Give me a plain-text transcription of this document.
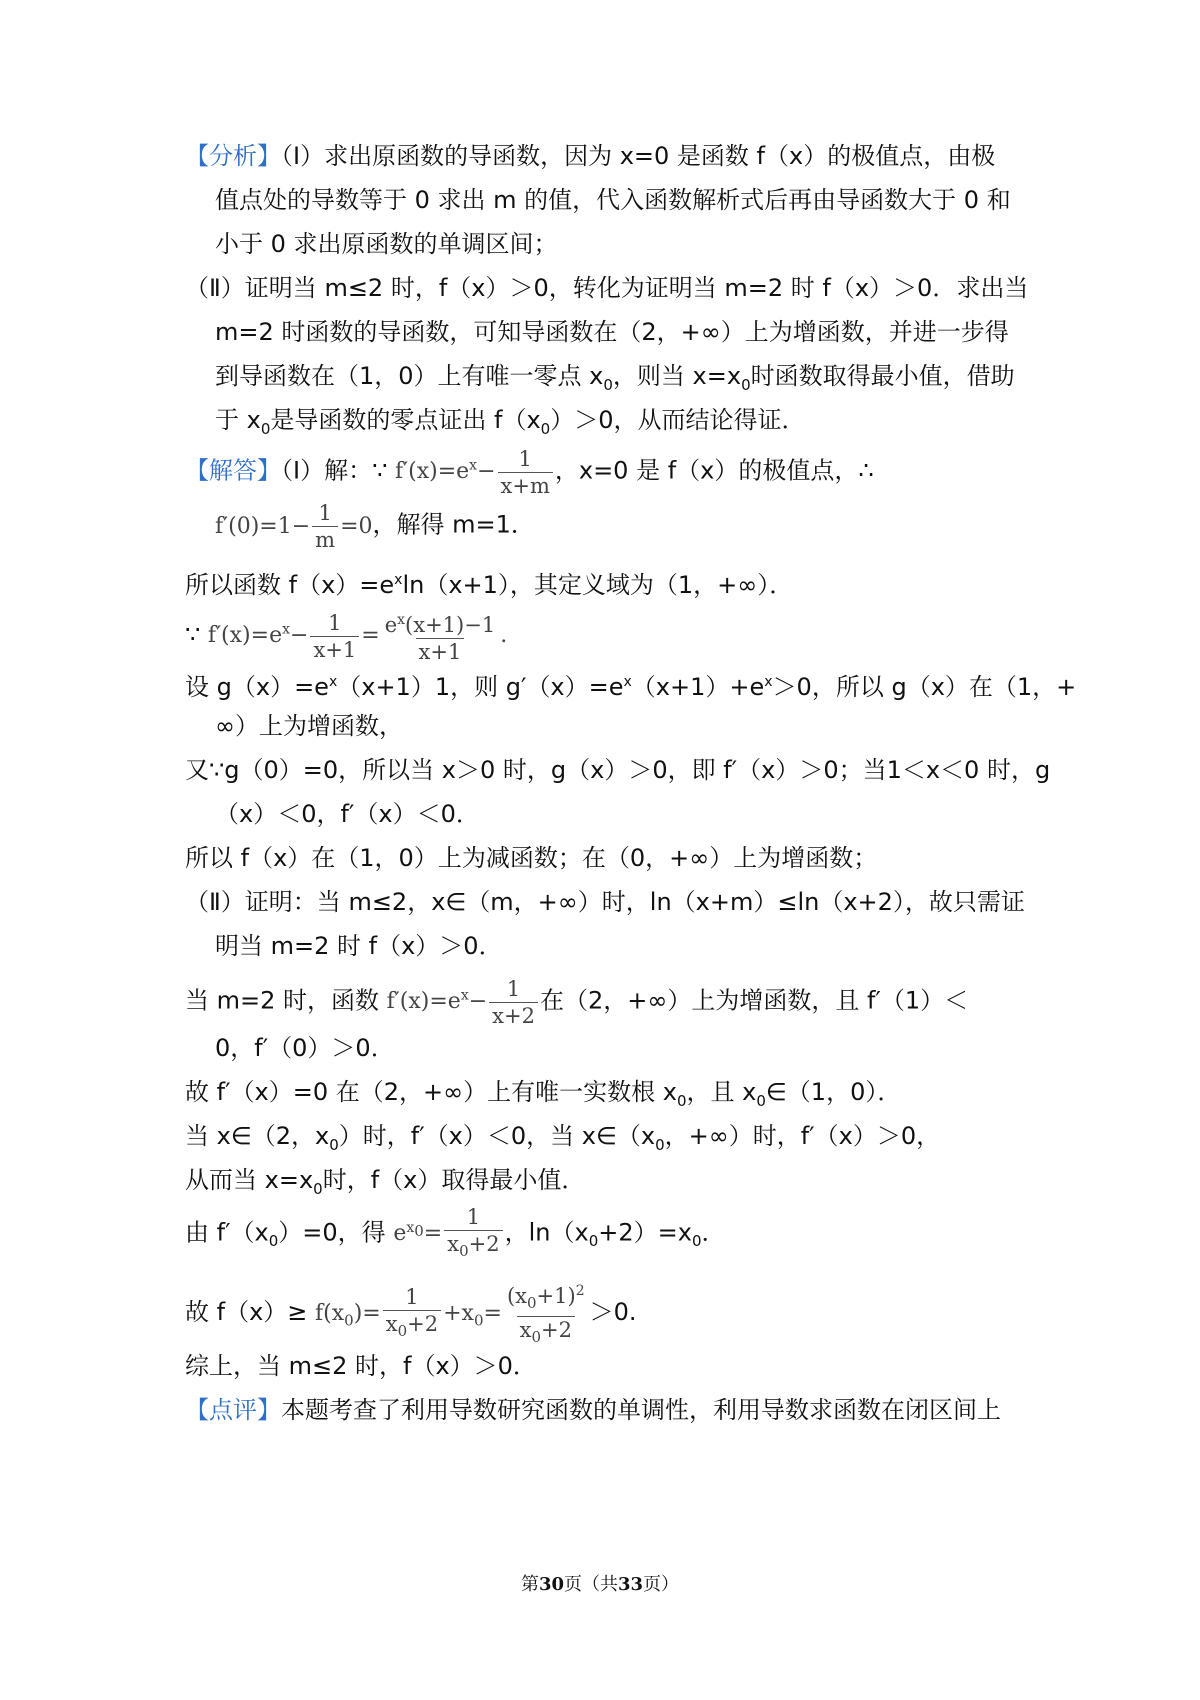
【分析】（Ⅰ）求出原函数的导函数，因为 x=0 是函数 f（x）的极值点，由极
值点处的导数等于 0 求出 m 的值，代入函数解析式后再由导函数大于 0 和
小于 0 求出原函数的单调区间；
（Ⅱ）证明当 m≤2 时，f（x）＞0，转化为证明当 m=2 时 f（x）＞0．求出当
m=2 时函数的导函数，可知导函数在（﻿2，+∞）上为增函数，并进一步得
到导函数在（﻿1，0）上有唯一零点 $x_0$，则当 $x=x_0$时函数取得最小值，借助
于 $x_0$是导函数的零点证出 $f(x_0)>0$，从而结论得证．
【解答】（Ⅰ）解：∵ $f'(x)=e^x- \frac{1}{x+m}$ ，x=0 是 f（x）的极值点，∴
$f'(0)=1- \frac{1}{m} =0$，解得 m=1．
所以函数 $f(x)=e^x﻿\ln(x+1)$，其定义域为（﻿1，+∞）．
∵ $f'(x)=e^x- \frac{1}{x+1} = \frac{e^x(x+1)-1}{x+1}$ .
设 $g(x)=e^x(x+1)﻿1$，则 $g'(x)=e^x(x+1)+e^x>0$，所以 g（x）在（﻿1，+
∞）上为增函数，
又∵g（0）=0，所以当 x＞0 时，g（x）＞0，即 f′（x）＞0；当﻿1＜x＜0 时，g
（x）＜0，f′（x）＜0．
所以 f（x）在（﻿1，0）上为减函数；在（0，+∞）上为增函数；
（Ⅱ）证明：当 m≤2，x∈（﻿m，+∞）时，ln（x+m）≤ln（x+2），故只需证
明当 m=2 时 f（x）＞0．
当 m=2 时，函数 $f'(x)=e^x- \frac{1}{x+2}$ 在（﻿2，+∞）上为增函数，且 f′（﻿1）＜
0，f′（0）＞0．
故 f′（x）=0 在（﻿2，+∞）上有唯一实数根 $x_0$，且 $x_0\in(﻿1$，0）．
当 x∈（﻿2，$x_0$）时，f′（x）＜0，当 $x\in(x_0$，+∞）时，f′（x）＞0，
从而当 $x=x_0$时，f（x）取得最小值．
由 $f'(x_0)=0$，得 $e^{x_0}= \frac{1}{x_0+2}$ ，$\ln(x_0+2)=﻿x_0$．
故 $f(x)\ge f(x_0)= \frac{1}{x_0+2} +x_0= \frac{(x_0+1)^2}{x_0+2} >0$.
综上，当 m≤2 时，f（x）＞0．
【点评】本题考查了利用导数研究函数的单调性，利用导数求函数在闭区间上
第30页（共33页）
